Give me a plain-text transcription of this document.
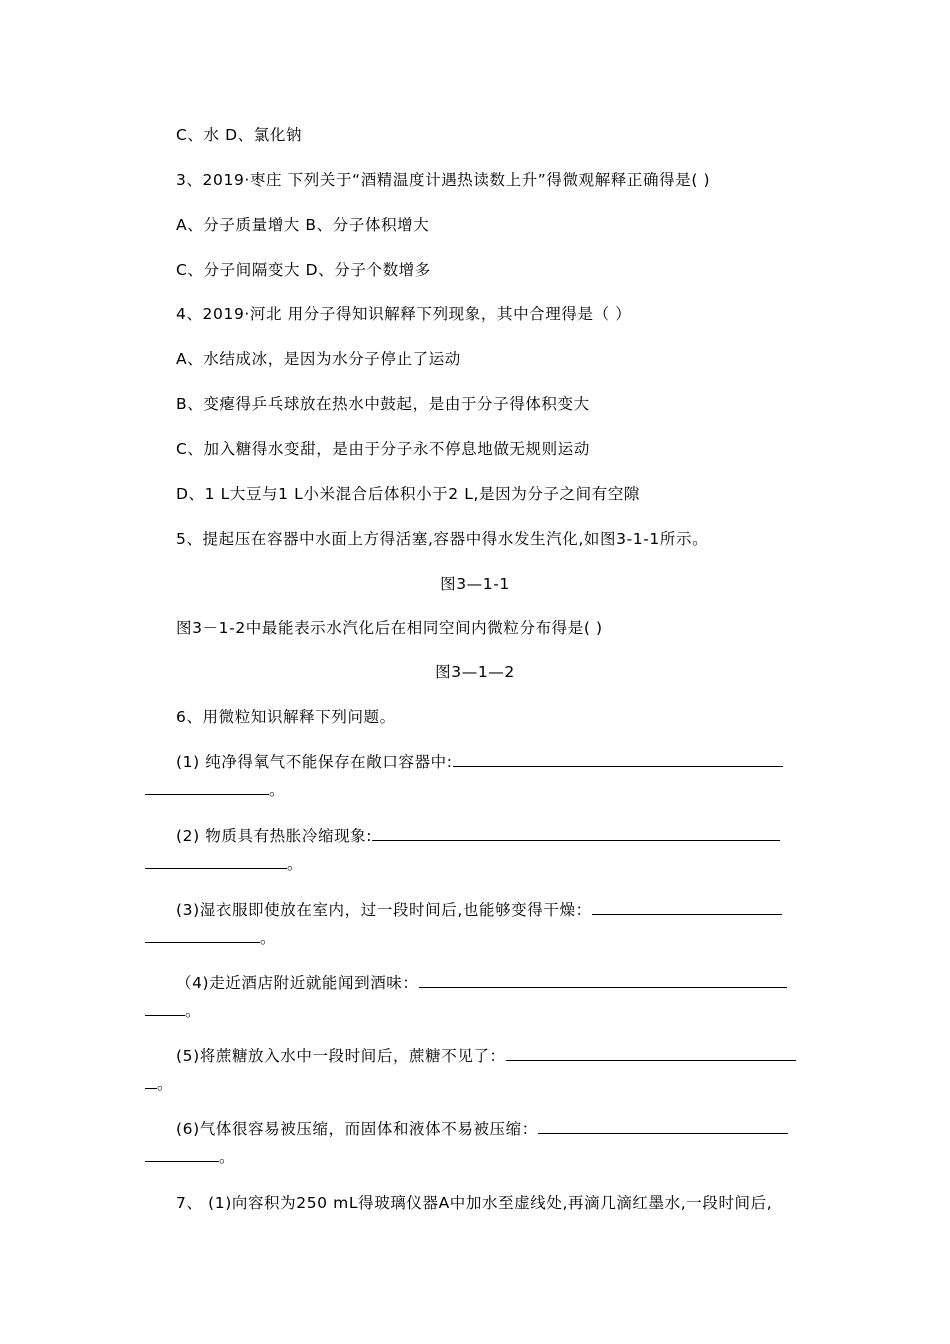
C、水 D、氯化钠
3、2019·枣庄 下列关于“酒精温度计遇热读数上升”得微观解释正确得是( )
A、分子质量增大 B、分子体积增大
C、分子间隔变大 D、分子个数增多
4、2019·河北 用分子得知识解释下列现象，其中合理得是（ ）
A、水结成冰，是因为水分子停止了运动
B、变瘪得乒乓球放在热水中鼓起，是由于分子得体积变大
C、加入糖得水变甜，是由于分子永不停息地做无规则运动
D、1 L大豆与1 L小米混合后体积小于2 L,是因为分子之间有空隙
5、提起压在容器中水面上方得活塞,容器中得水发生汽化,如图3-1-1所示。
图3—1-1
图3－1-2中最能表示水汽化后在相同空间内微粒分布得是( )
图3—1—2
6、用微粒知识解释下列问题。
(1) 纯净得氧气不能保存在敞口容器中:
。
(2) 物质具有热胀冷缩现象:
。
(3)湿衣服即使放在室内，过一段时间后,也能够变得干燥：
。
（4)走近酒店附近就能闻到酒味：
。
(5)将蔗糖放入水中一段时间后，蔗糖不见了：
。
(6)气体很容易被压缩，而固体和液体不易被压缩：
。
7、 (1)向容积为250 mL得玻璃仪器A中加水至虚线处,再滴几滴红墨水,一段时间后,
